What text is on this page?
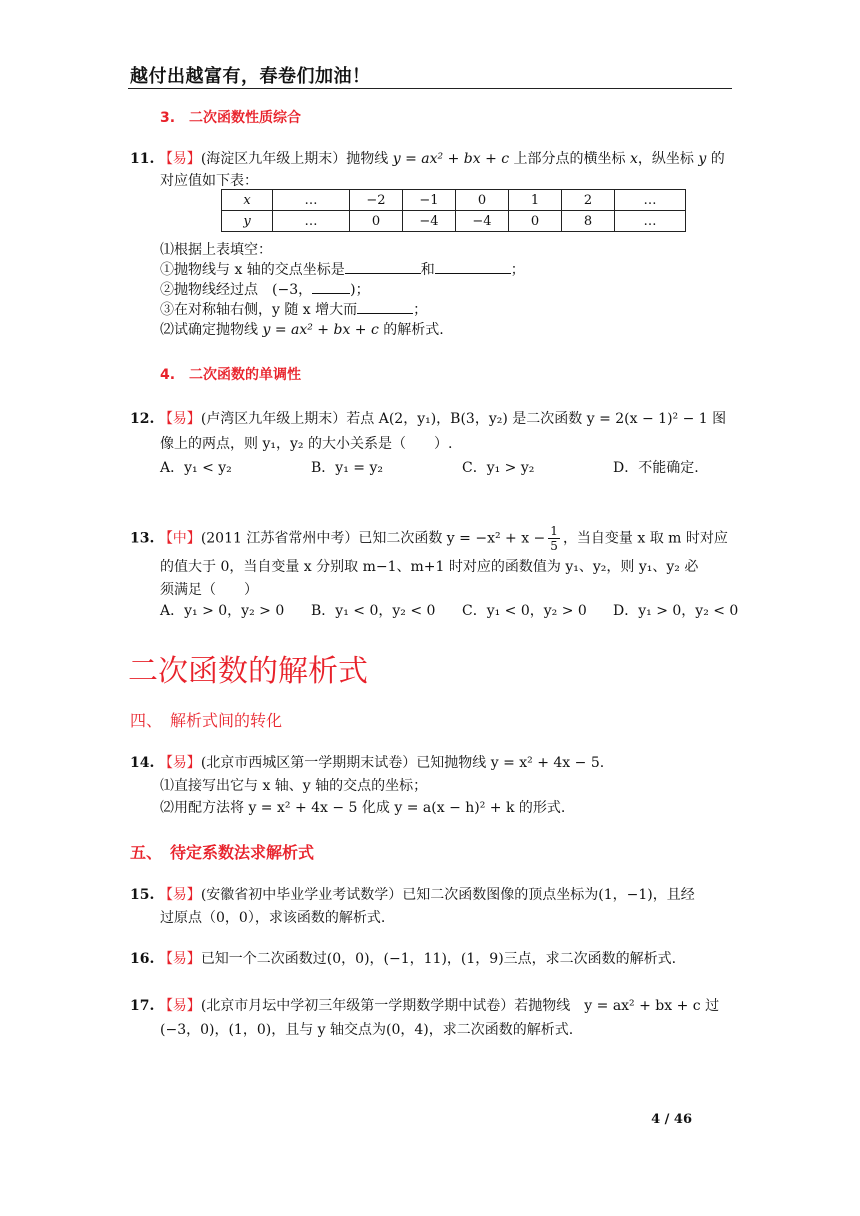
越付出越富有，春卷们加油！
3.　二次函数性质综合
11. 【易】(海淀区九年级上期末）抛物线 y = ax² + bx + c 上部分点的横坐标 x，纵坐标 y 的
对应值如下表：
x	…	−2	−1	0	1	2	…
y	…	0	−4	−4	0	8	…
⑴根据上表填空：
①抛物线与 x 轴的交点坐标是	和	；
②抛物线经过点　(−3，	)；
③在对称轴右侧，y 随 x 增大而	；
⑵试确定抛物线 y = ax² + bx + c 的解析式.
4.　二次函数的单调性
12. 【易】(卢湾区九年级上期末）若点 A(2，y₁)，B(3，y₂) 是二次函数 y = 2(x − 1)² − 1 图
像上的两点，则 y₁，y₂ 的大小关系是（　　）.
A．y₁ < y₂	B．y₁ = y₂	C．y₁ > y₂	D．不能确定.
13. 【中】(2011 江苏省常州中考）已知二次函数 $y = -x^2 + x - \frac{1}{5}$ ，当自变量 x 取 m 时对应
的值大于 0，当自变量 x 分别取 m−1、m+1 时对应的函数值为 y₁、y₂，则 y₁、y₂ 必
须满足（　　）
A．y₁ > 0，y₂ > 0 B．y₁ < 0，y₂ < 0 C．y₁ < 0，y₂ > 0 D．y₁ > 0，y₂ < 0
二次函数的解析式
四、　解析式间的转化
14. 【易】(北京市西城区第一学期期末试卷）已知抛物线 y = x² + 4x − 5.
⑴直接写出它与 x 轴、y 轴的交点的坐标；
⑵用配方法将 y = x² + 4x − 5 化成 y = a(x − h)² + k 的形式.
五、　待定系数法求解析式
15. 【易】(安徽省初中毕业学业考试数学）已知二次函数图像的顶点坐标为(1，−1)，且经
过原点（0，0），求该函数的解析式.
16. 【易】已知一个二次函数过(0，0)，(−1，11)，(1，9)三点，求二次函数的解析式.
17. 【易】(北京市月坛中学初三年级第一学期数学期中试卷）若抛物线　y = ax² + bx + c 过
(−3，0)，(1，0)，且与 y 轴交点为(0，4)，求二次函数的解析式.
4 / 46
